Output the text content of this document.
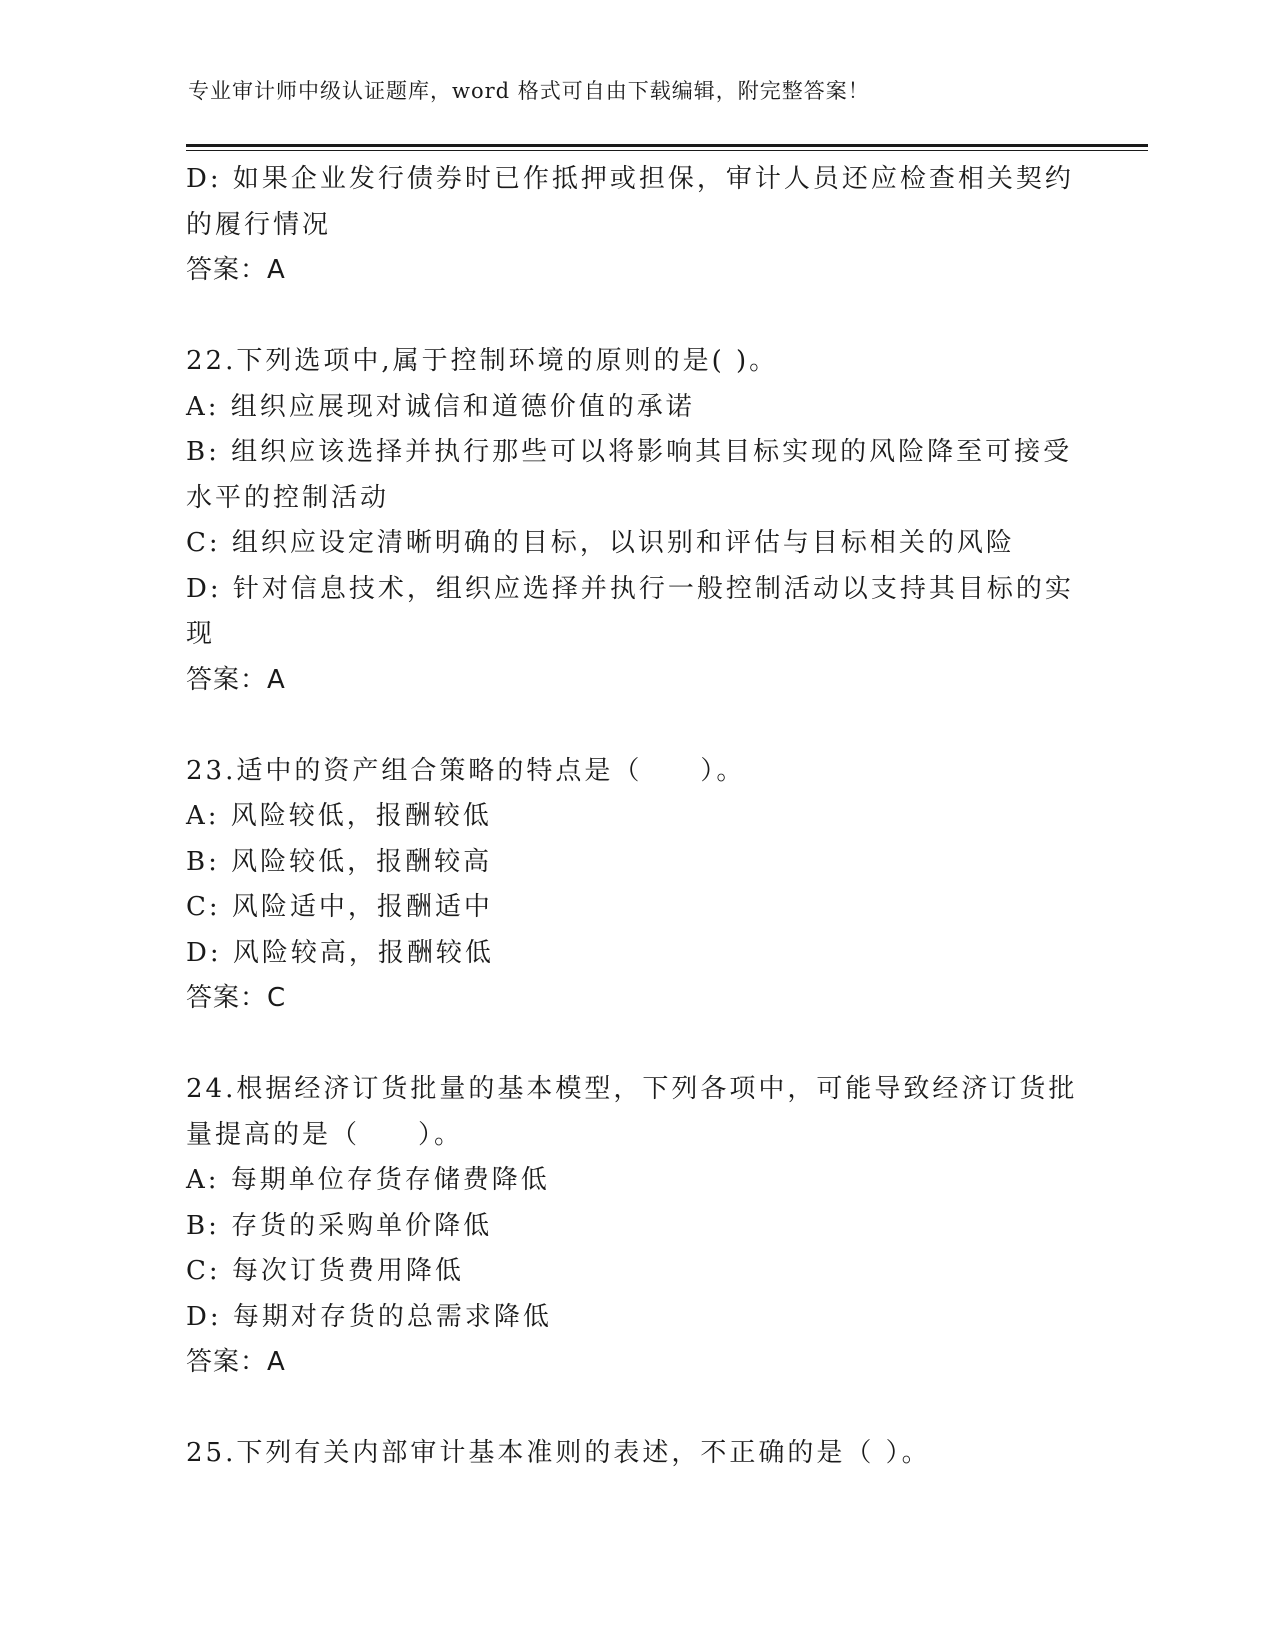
专业审计师中级认证题库，word 格式可自由下载编辑，附完整答案！
D: 如果企业发行债券时已作抵押或担保，审计人员还应检查相关契约
的履行情况
答案：A
22.下列选项中,属于控制环境的原则的是( )。
A: 组织应展现对诚信和道德价值的承诺
B: 组织应该选择并执行那些可以将影响其目标实现的风险降至可接受
水平的控制活动
C: 组织应设定清晰明确的目标，以识别和评估与目标相关的风险
D: 针对信息技术，组织应选择并执行一般控制活动以支持其目标的实
现
答案：A
23.适中的资产组合策略的特点是（　　）。
A: 风险较低，报酬较低
B: 风险较低，报酬较高
C: 风险适中，报酬适中
D: 风险较高，报酬较低
答案：C
24.根据经济订货批量的基本模型，下列各项中，可能导致经济订货批
量提高的是（　　）。
A: 每期单位存货存储费降低
B: 存货的采购单价降低
C: 每次订货费用降低
D: 每期对存货的总需求降低
答案：A
25.下列有关内部审计基本准则的表述，不正确的是（ ）。
